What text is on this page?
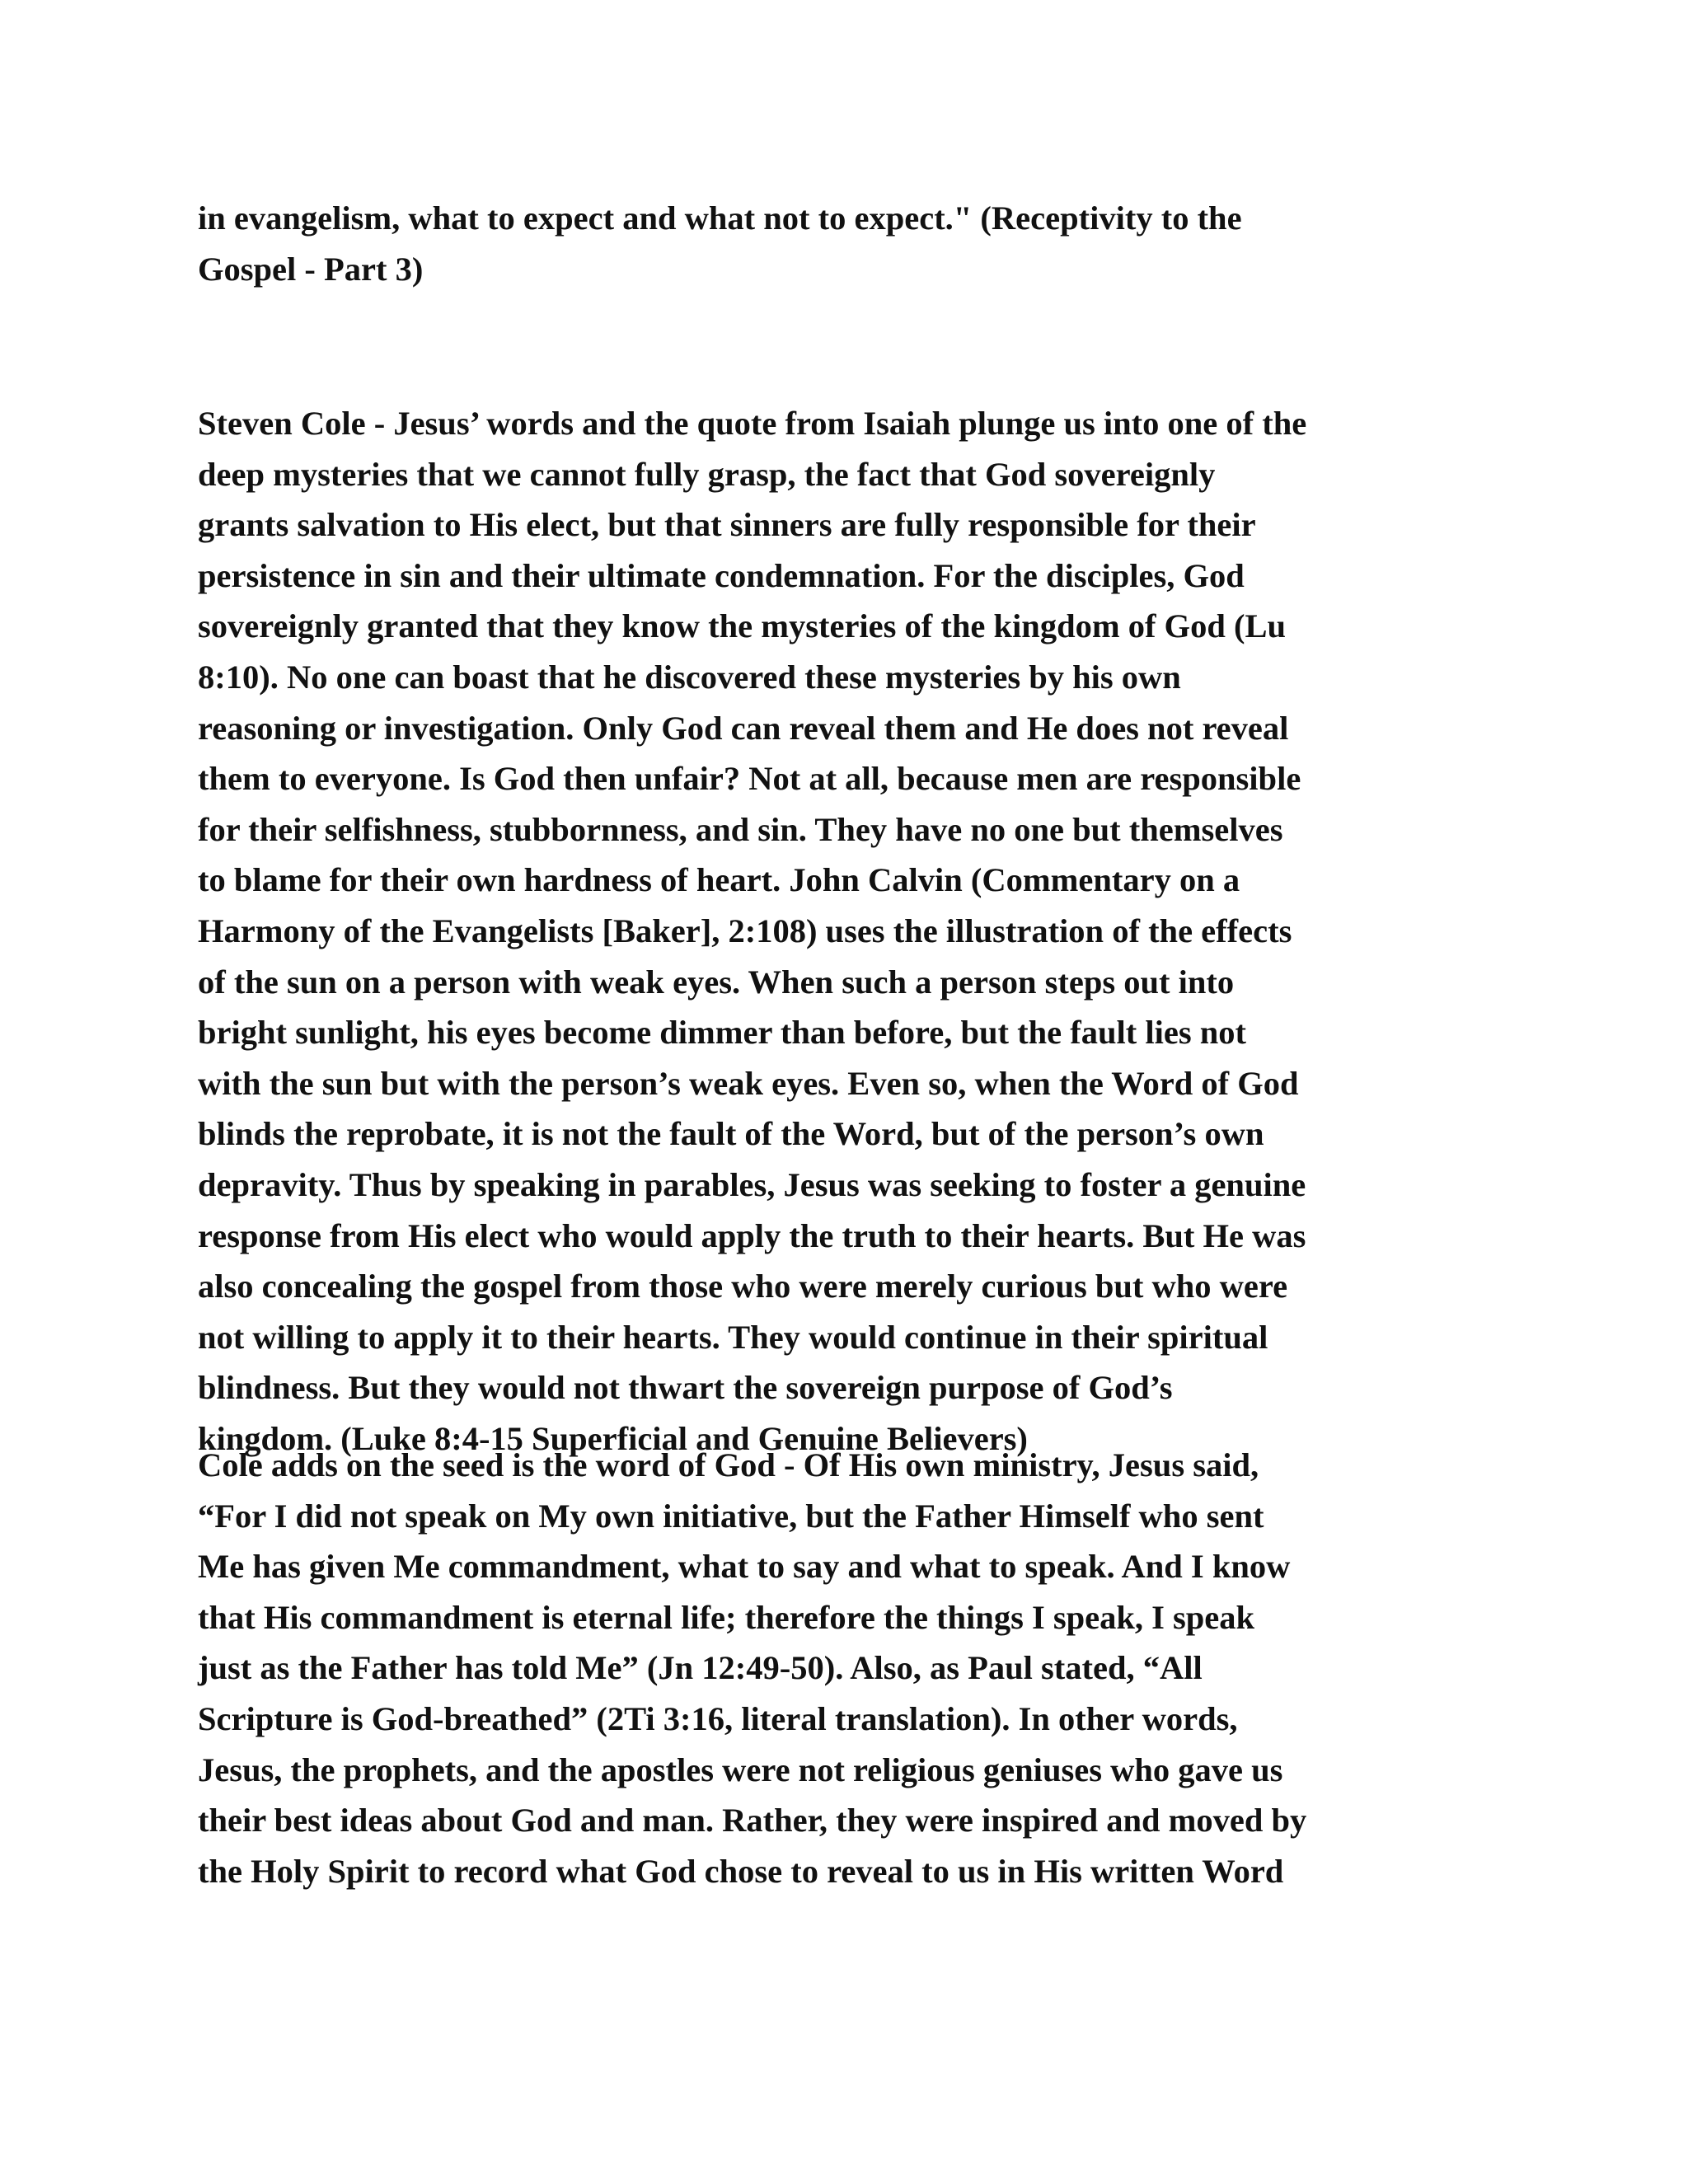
in evangelism, what to expect and what not to expect." (Receptivity to the
Gospel - Part 3)
Steven Cole - Jesus’ words and the quote from Isaiah plunge us into one of the
deep mysteries that we cannot fully grasp, the fact that God sovereignly
grants salvation to His elect, but that sinners are fully responsible for their
persistence in sin and their ultimate condemnation. For the disciples, God
sovereignly granted that they know the mysteries of the kingdom of God (Lu
8:10). No one can boast that he discovered these mysteries by his own
reasoning or investigation. Only God can reveal them and He does not reveal
them to everyone. Is God then unfair? Not at all, because men are responsible
for their selfishness, stubbornness, and sin. They have no one but themselves
to blame for their own hardness of heart. John Calvin (Commentary on a
Harmony of the Evangelists [Baker], 2:108) uses the illustration of the effects
of the sun on a person with weak eyes. When such a person steps out into
bright sunlight, his eyes become dimmer than before, but the fault lies not
with the sun but with the person’s weak eyes. Even so, when the Word of God
blinds the reprobate, it is not the fault of the Word, but of the person’s own
depravity. Thus by speaking in parables, Jesus was seeking to foster a genuine
response from His elect who would apply the truth to their hearts. But He was
also concealing the gospel from those who were merely curious but who were
not willing to apply it to their hearts. They would continue in their spiritual
blindness. But they would not thwart the sovereign purpose of God’s
kingdom. (Luke 8:4-15 Superficial and Genuine Believers)
Cole adds on the seed is the word of God - Of His own ministry, Jesus said,
“For I did not speak on My own initiative, but the Father Himself who sent
Me has given Me commandment, what to say and what to speak. And I know
that His commandment is eternal life; therefore the things I speak, I speak
just as the Father has told Me” (Jn 12:49-50). Also, as Paul stated, “All
Scripture is God-breathed” (2Ti 3:16, literal translation). In other words,
Jesus, the prophets, and the apostles were not religious geniuses who gave us
their best ideas about God and man. Rather, they were inspired and moved by
the Holy Spirit to record what God chose to reveal to us in His written Word
